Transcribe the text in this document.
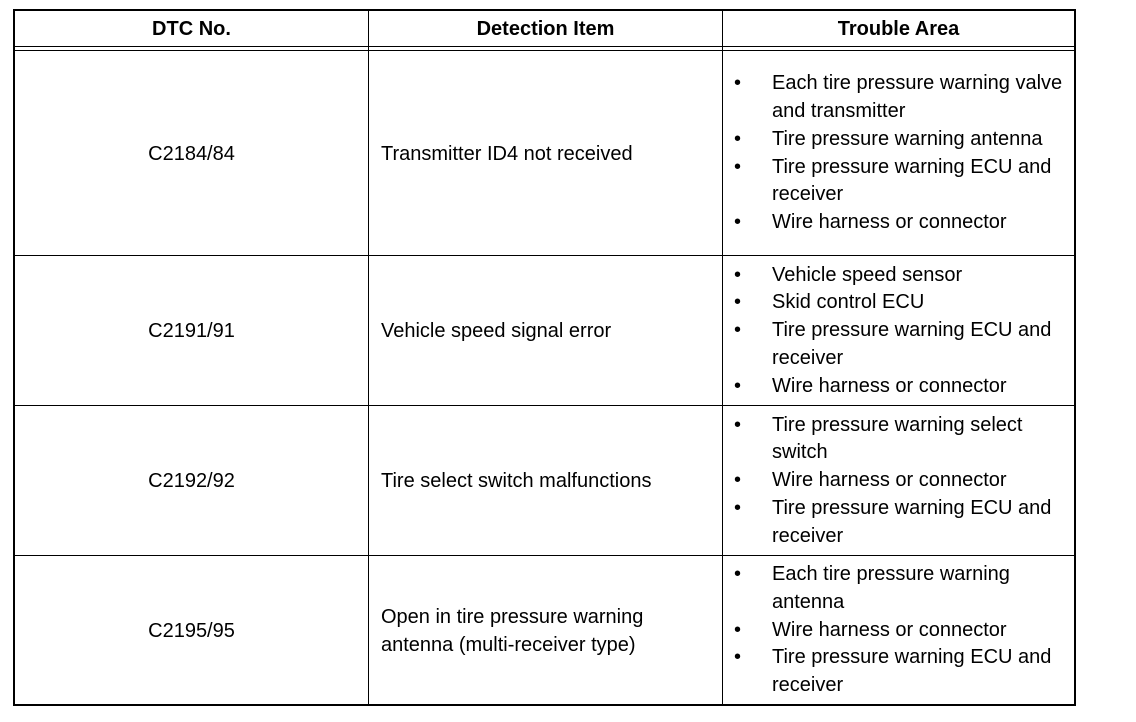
DTC No.	Detection Item	Trouble Area
C2184/84	Transmitter ID4 not received
• Each tire pressure warning valve and transmitter
• Tire pressure warning antenna
• Tire pressure warning ECU and receiver
• Wire harness or connector
C2191/91	Vehicle speed signal error
• Vehicle speed sensor
• Skid control ECU
• Tire pressure warning ECU and receiver
• Wire harness or connector
C2192/92	Tire select switch malfunctions
• Tire pressure warning select switch
• Wire harness or connector
• Tire pressure warning ECU and receiver
C2195/95
Open in tire pressure warning antenna (multi-receiver type)
• Each tire pressure warning antenna
• Wire harness or connector
• Tire pressure warning ECU and receiver
